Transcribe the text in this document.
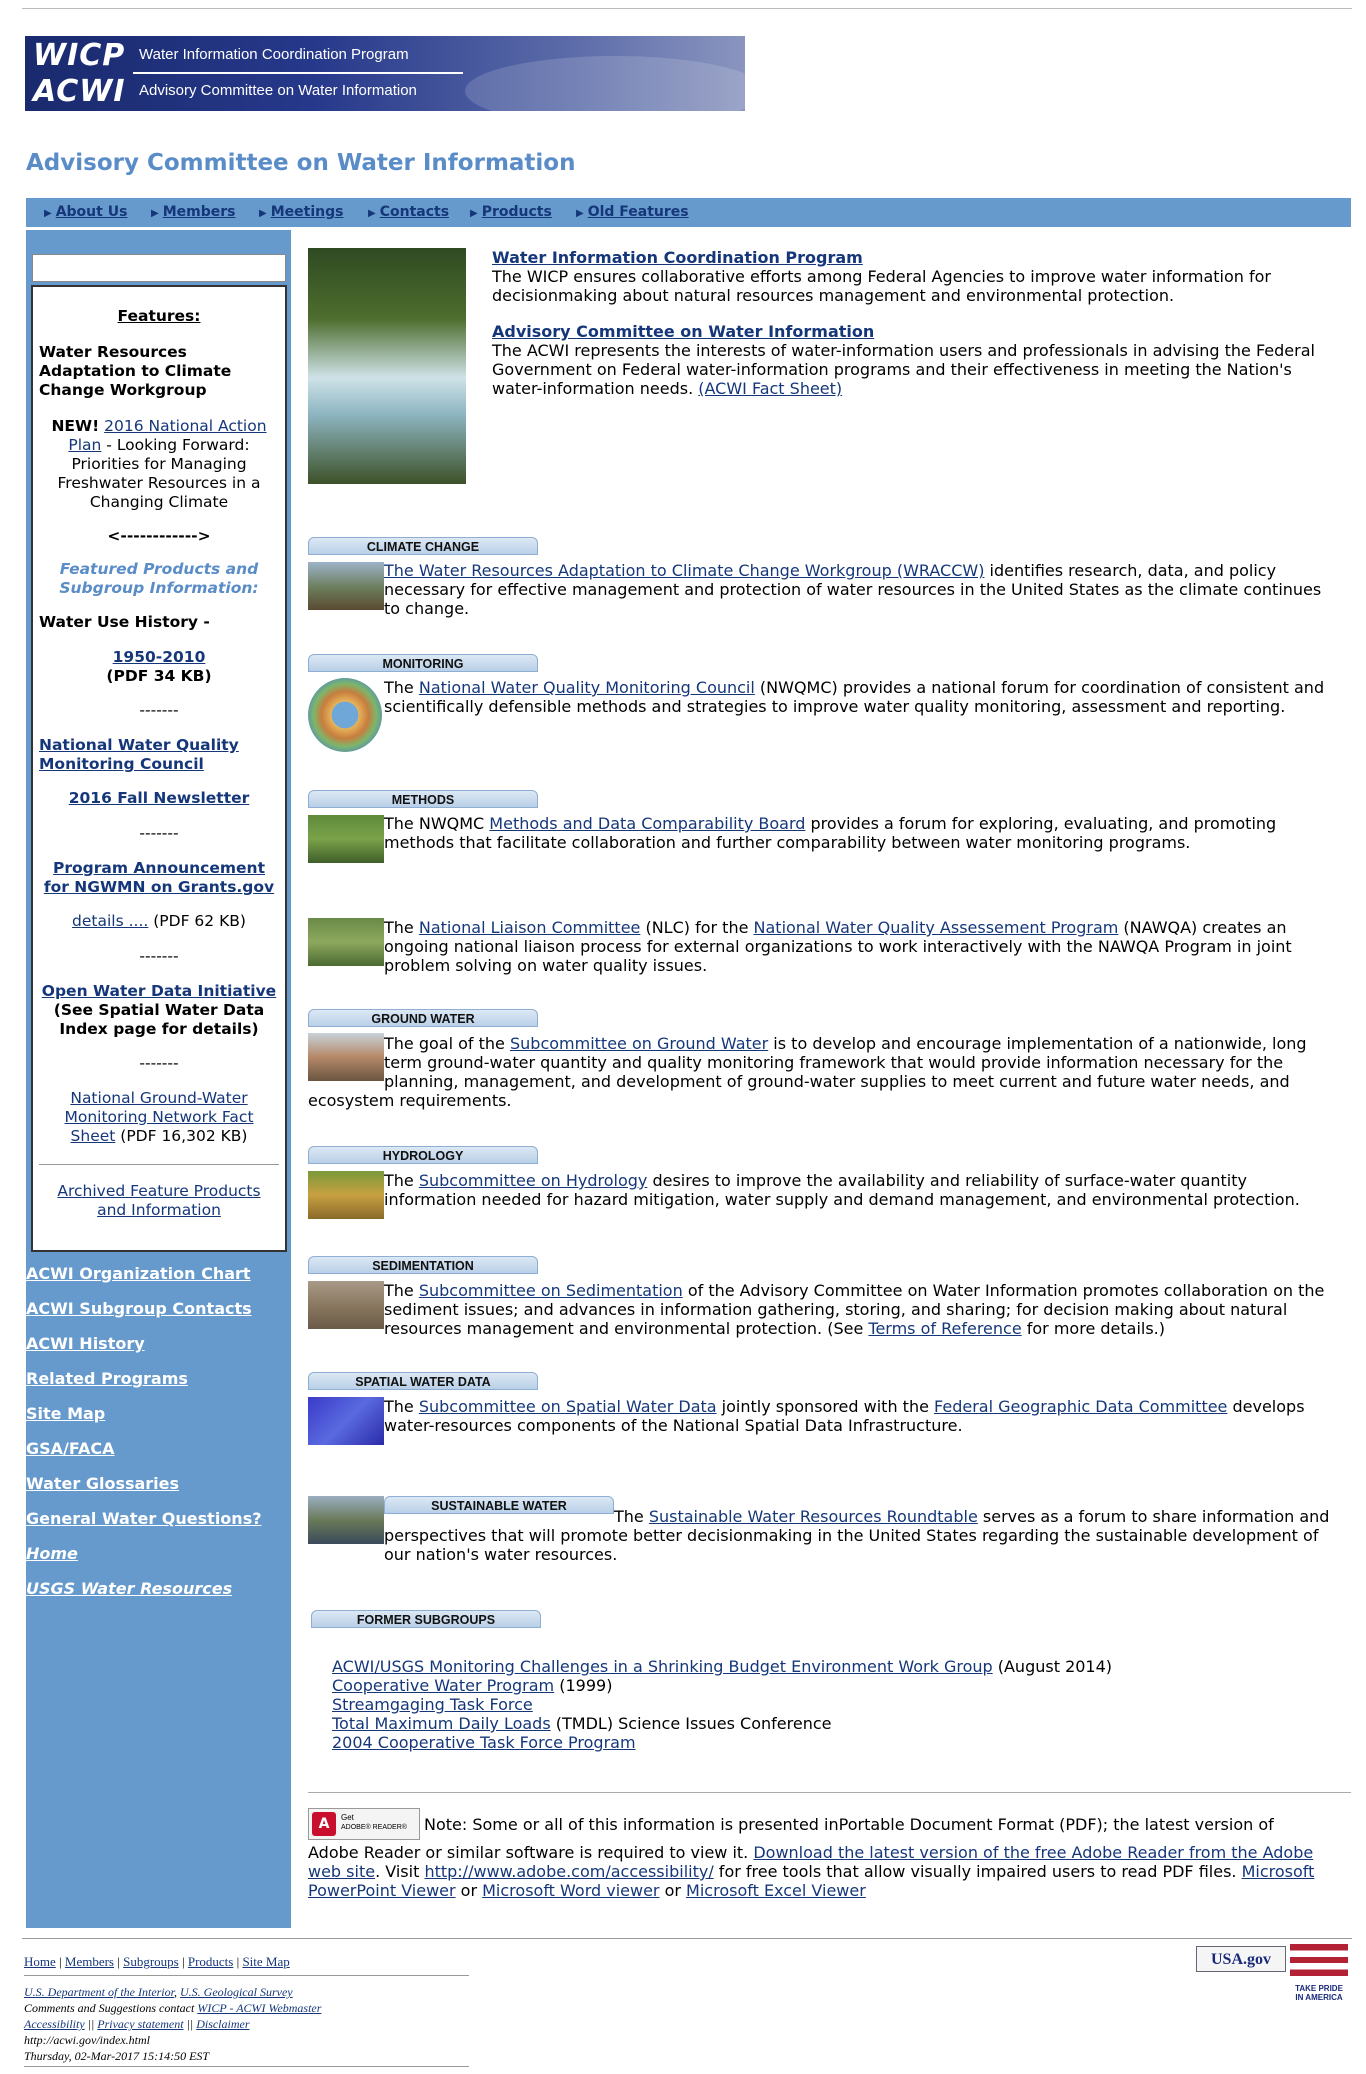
WICP
ACWI
Water Information Coordination Program
Advisory Committee on Water Information
Advisory Committee on Water Information
▶ About Us ▶ Members ▶ Meetings ▶ Contacts ▶ Products ▶ Old Features
Features:
Water Resources Adaptation to Climate Change Workgroup
NEW! 2016 National Action
Plan - Looking Forward:
Priorities for Managing
Freshwater Resources in a
Changing Climate
<------------>
Featured Products and
Subgroup Information:
Water Use History -
1950-2010
(PDF 34 KB)
-------
National Water Quality
Monitoring Council
2016 Fall Newsletter
-------
Program Announcement
for NGWMN on Grants.gov
details .... (PDF 62 KB)
-------
Open Water Data Initiative
(See Spatial Water Data
Index page for details)
-------
National Ground-Water
Monitoring Network Fact
Sheet (PDF 16,302 KB)
Archived Feature Products
and Information
ACWI Organization Chart
ACWI Subgroup Contacts
ACWI History
Related Programs
Site Map
GSA/FACA
Water Glossaries
General Water Questions?
Home
USGS Water Resources
Water Information Coordination Program
The WICP ensures collaborative efforts among Federal Agencies to improve water information for
decisionmaking about natural resources management and environmental protection.
Advisory Committee on Water Information
The ACWI represents the interests of water-information users and professionals in advising the Federal
Government on Federal water-information programs and their effectiveness in meeting the Nation's
water-information needs. (ACWI Fact Sheet)
CLIMATE CHANGE
The Water Resources Adaptation to Climate Change Workgroup (WRACCW) identifies research, data, and policy
necessary for effective management and protection of water resources in the United States as the climate continues
to change.
MONITORING
The National Water Quality Monitoring Council (NWQMC) provides a national forum for coordination of consistent and
scientifically defensible methods and strategies to improve water quality monitoring, assessment and reporting.
METHODS
The NWQMC Methods and Data Comparability Board provides a forum for exploring, evaluating, and promoting
methods that facilitate collaboration and further comparability between water monitoring programs.
The National Liaison Committee (NLC) for the National Water Quality Assessement Program (NAWQA) creates an
ongoing national liaison process for external organizations to work interactively with the NAWQA Program in joint
problem solving on water quality issues.
GROUND WATER
The goal of the Subcommittee on Ground Water is to develop and encourage implementation of a nationwide, long
term ground-water quantity and quality monitoring framework that would provide information necessary for the
planning, management, and development of ground-water supplies to meet current and future water needs, and
ecosystem requirements.
HYDROLOGY
The Subcommittee on Hydrology desires to improve the availability and reliability of surface-water quantity
information needed for hazard mitigation, water supply and demand management, and environmental protection.
SEDIMENTATION
The Subcommittee on Sedimentation of the Advisory Committee on Water Information promotes collaboration on the
sediment issues; and advances in information gathering, storing, and sharing; for decision making about natural
resources management and environmental protection. (See Terms of Reference for more details.)
SPATIAL WATER DATA
The Subcommittee on Spatial Water Data jointly sponsored with the Federal Geographic Data Committee develops
water-resources components of the National Spatial Data Infrastructure.
SUSTAINABLE WATER
The Sustainable Water Resources Roundtable serves as a forum to share information and
perspectives that will promote better decisionmaking in the United States regarding the sustainable development of
our nation's water resources.
FORMER SUBGROUPS
ACWI/USGS Monitoring Challenges in a Shrinking Budget Environment Work Group (August 2014)
Cooperative Water Program (1999)
Streamgaging Task Force
Total Maximum Daily Loads (TMDL) Science Issues Conference
2004 Cooperative Task Force Program
A	Get
ADOBE® READER® Note: Some or all of this information is presented inPortable Document Format (PDF); the latest version of
Adobe Reader or similar software is required to view it. Download the latest version of the free Adobe Reader from the Adobe
web site. Visit http://www.adobe.com/accessibility/ for free tools that allow visually impaired users to read PDF files. Microsoft
PowerPoint Viewer or Microsoft Word viewer or Microsoft Excel Viewer
Home | Members | Subgroups | Products | Site Map
U.S. Department of the Interior, U.S. Geological Survey
Comments and Suggestions contact WICP - ACWI Webmaster
Accessibility || Privacy statement || Disclaimer
http://acwi.gov/index.html
Thursday, 02-Mar-2017 15:14:50 EST
USA.gov
TAKE PRIDE
IN AMERICA
